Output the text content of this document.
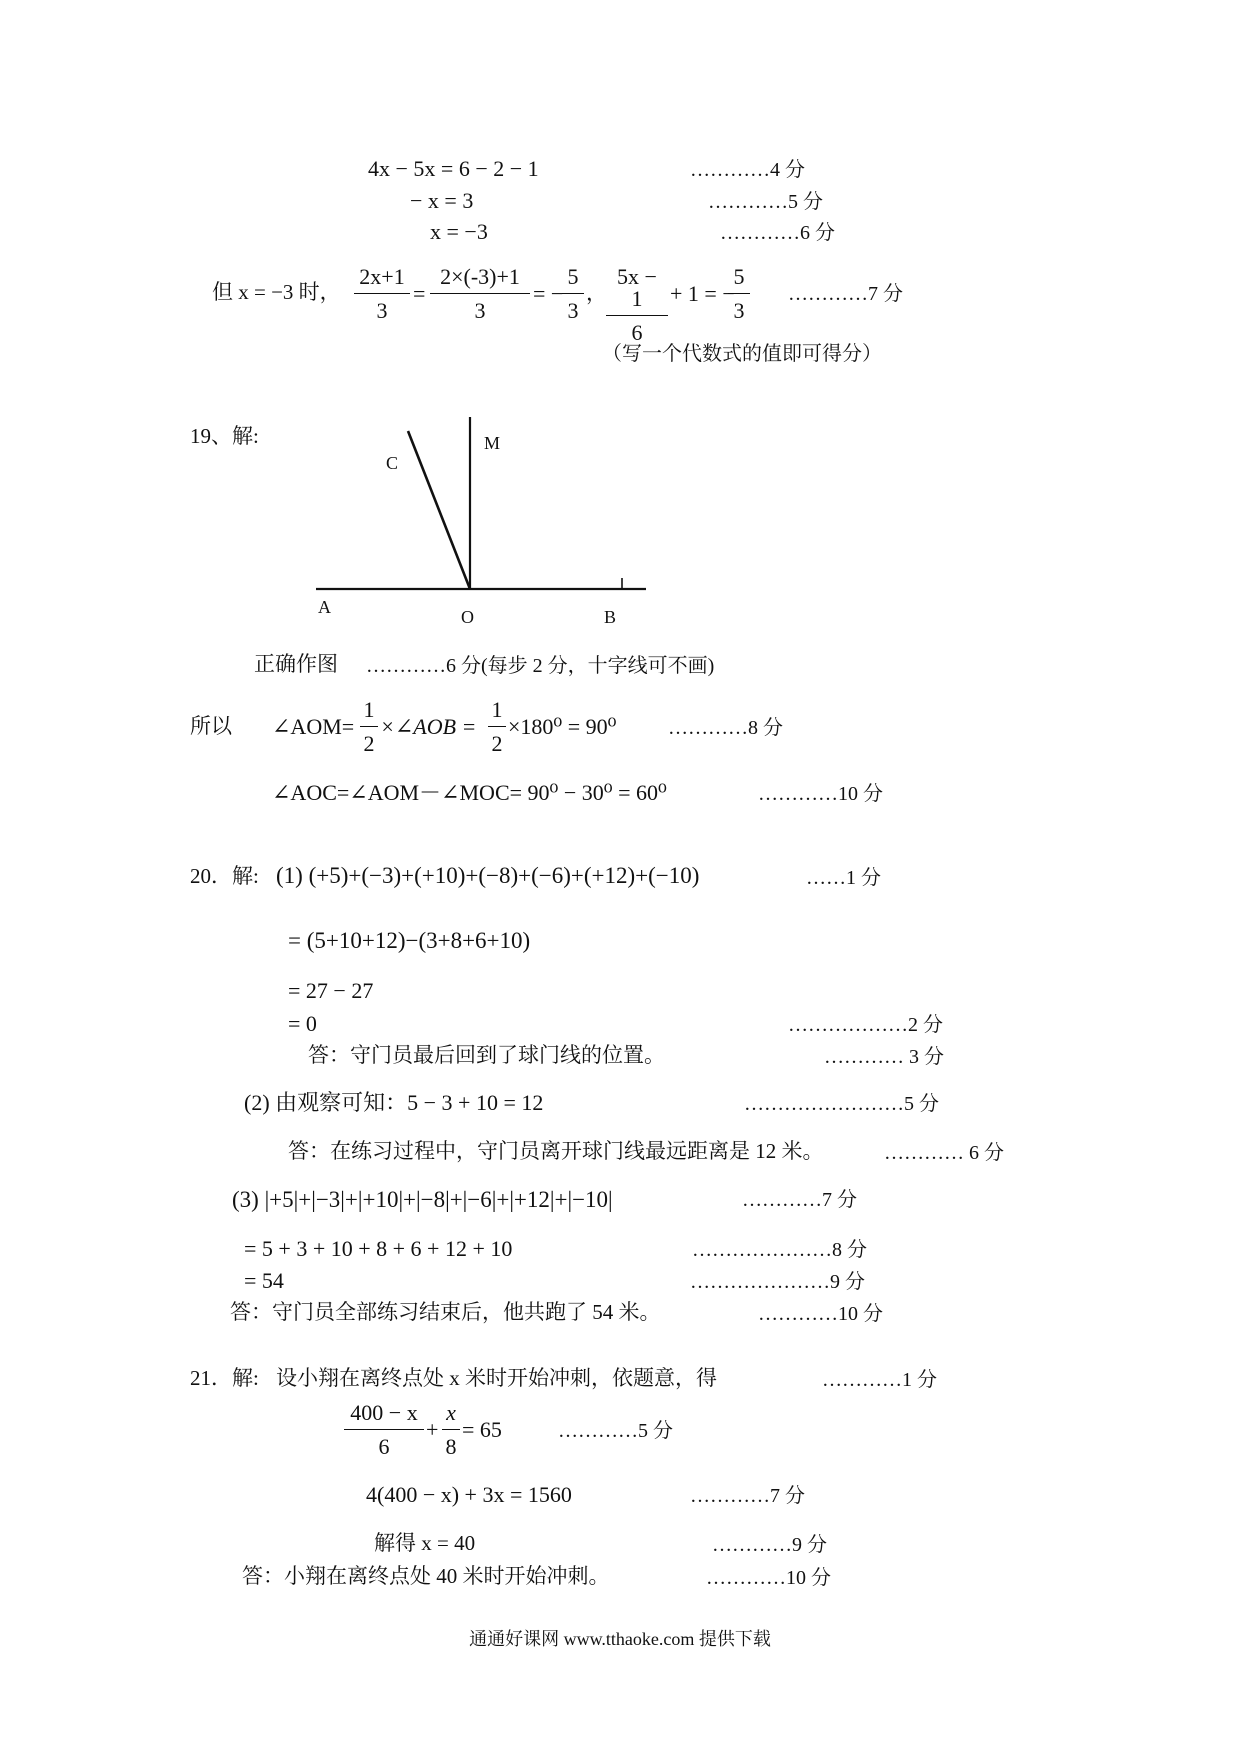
4x − 5x = 6 − 2 − 1	…………4 分
− x = 3	…………5 分
x = −3	…………6 分
但 x = −3 时， $\frac{2x+1}{3} = \frac{2\times(-3)+1}{3}$ = −
$\frac{5}{3}$ ， $\frac{5x - 1}{6} + 1$ = −
$\frac{5}{3}$ …………7 分
（写一个代数式的值即可得分）
19、解:
C
M
A	O	B
正确作图 …………6 分(每步 2 分，十字线可不画)
所以 ∠AOM= $\frac{1}{2}$ ×∠AOB = $\frac{1}{2} \times 180^0 = 90^0$	…………8 分
∠AOC=∠AOM－∠MOC= 90⁰ − 30⁰ = 60⁰	…………10 分
20．解: (1) (+5)+(−3)+(+10)+(−8)+(−6)+(+12)+(−10)	……1 分
= (5+10+12)−(3+8+6+10)
= 27 − 27
= 0	………………2 分
答：守门员最后回到了球门线的位置。	………… 3 分
(2) 由观察可知：5 − 3 + 10 = 12	……………………5 分
答：在练习过程中，守门员离开球门线最远距离是 12 米。	………… 6 分
(3) |+5|+|−3|+|+10|+|−8|+|−6|+|+12|+|−10|	…………7 分
= 5 + 3 + 10 + 8 + 6 + 12 + 10	…………………8 分
= 54	…………………9 分
答：守门员全部练习结束后，他共跑了 54 米。	…………10 分
21．解: 设小翔在离终点处 x 米时开始冲刺，依题意，得	…………1 分
$\frac{400 - x}{6} + \frac{x}{8} = 65$	…………5 分
4(400 − x) + 3x = 1560	…………7 分
解得 x = 40	…………9 分
答：小翔在离终点处 40 米时开始冲刺。	…………10 分
通通好课网 www.tthaoke.com 提供下载
